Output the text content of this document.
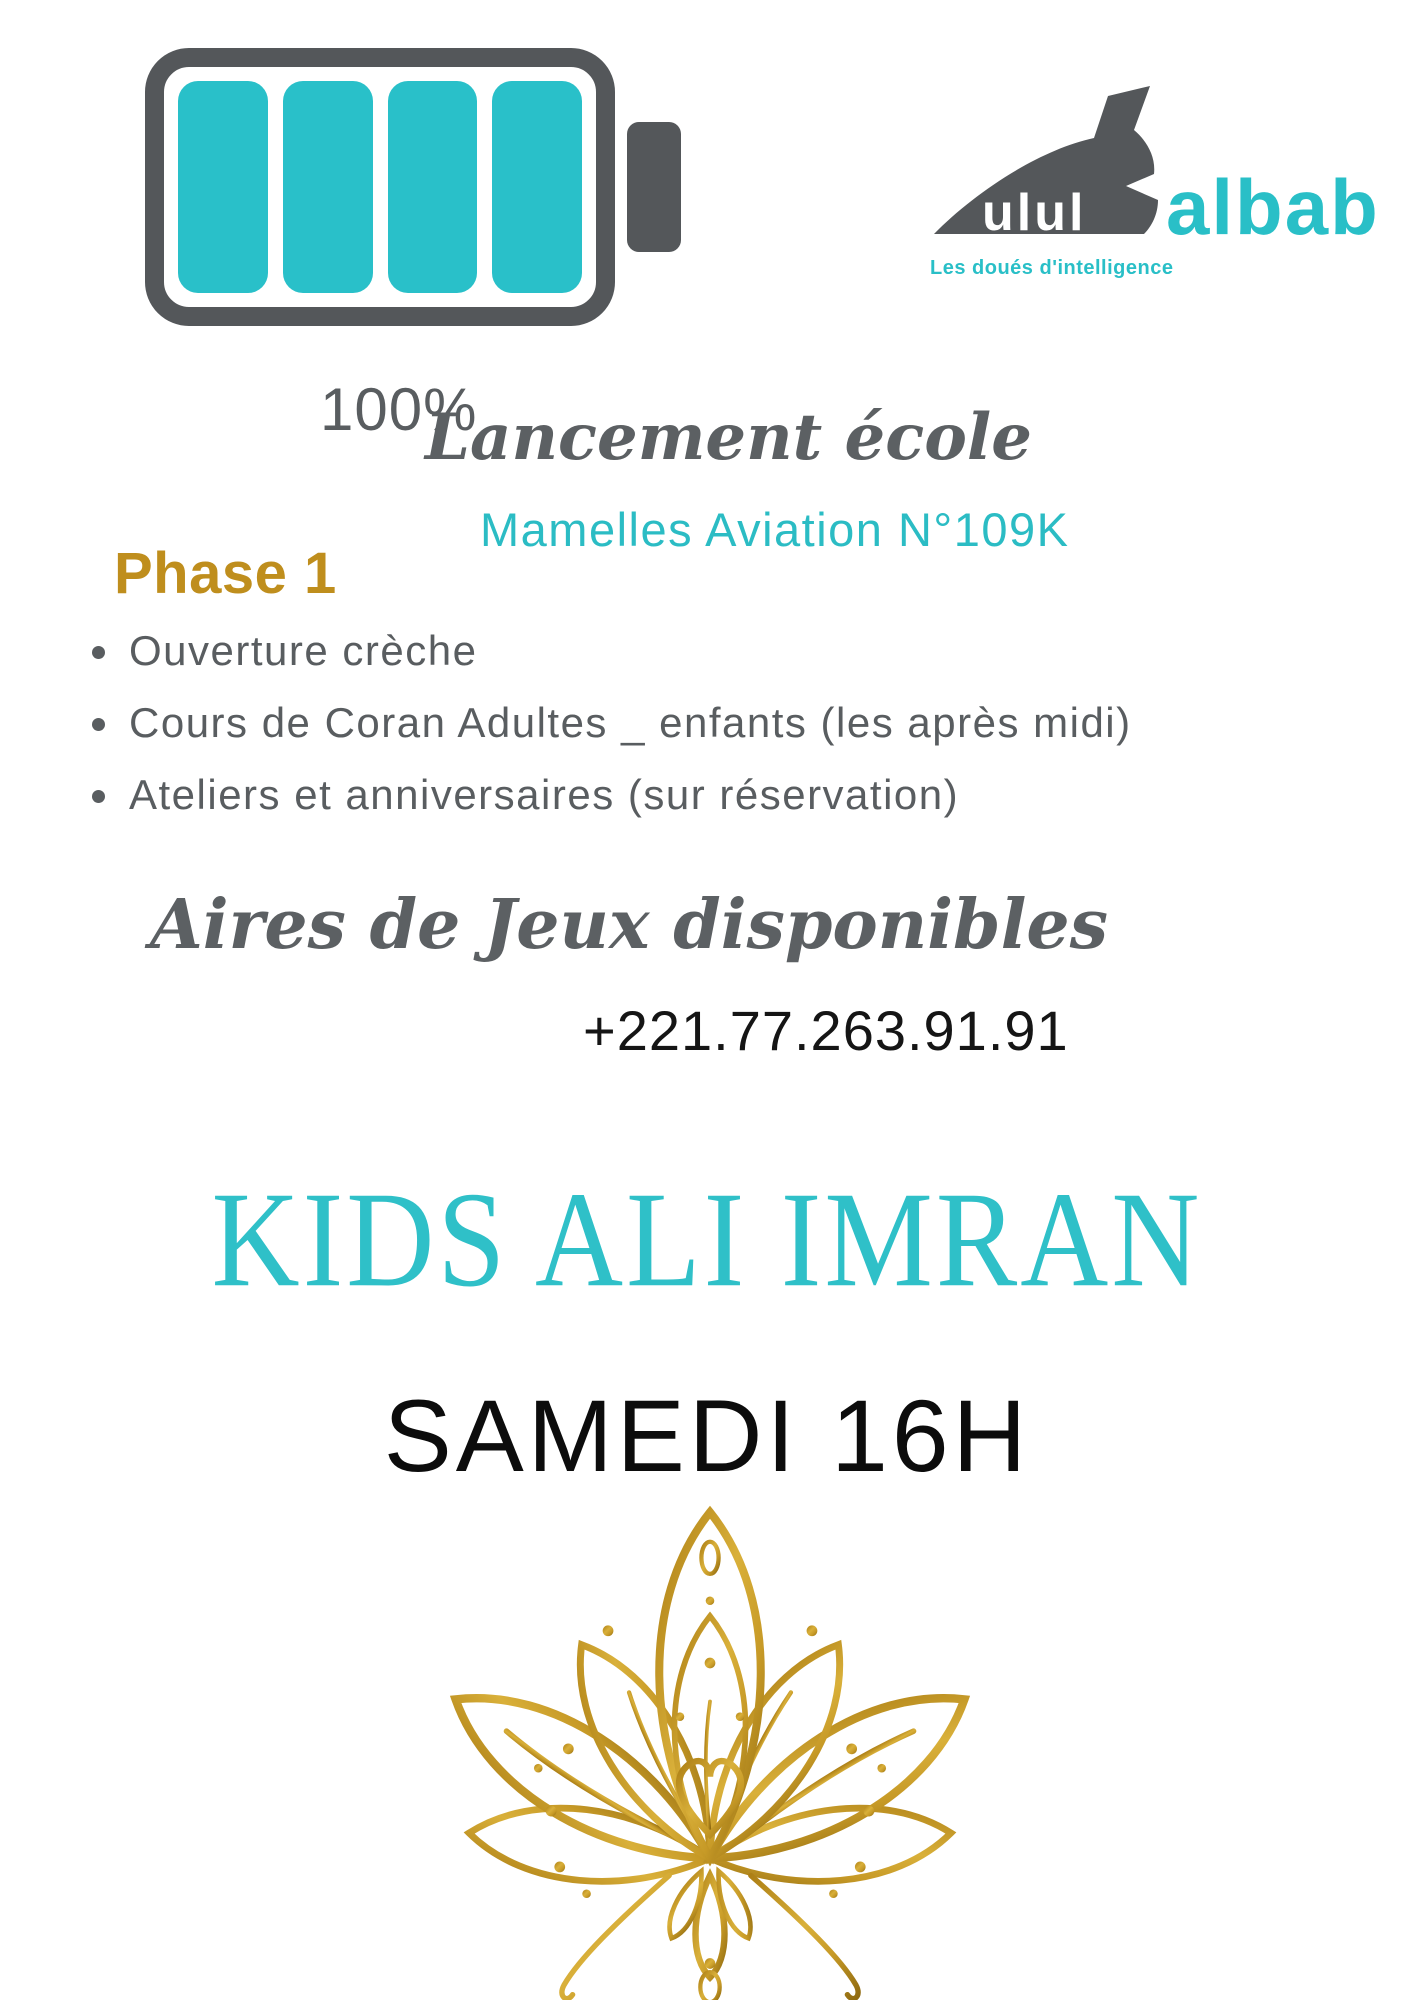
100%
ulul albab
Les doués d'intelligence
Lancement école
Mamelles Aviation N°109K
Phase 1
Ouverture crèche
Cours de Coran Adultes _ enfants (les après midi)
Ateliers et anniversaires (sur réservation)
Aires de Jeux disponibles
+221.77.263.91.91
KIDS ALI IMRAN
SAMEDI 16H
